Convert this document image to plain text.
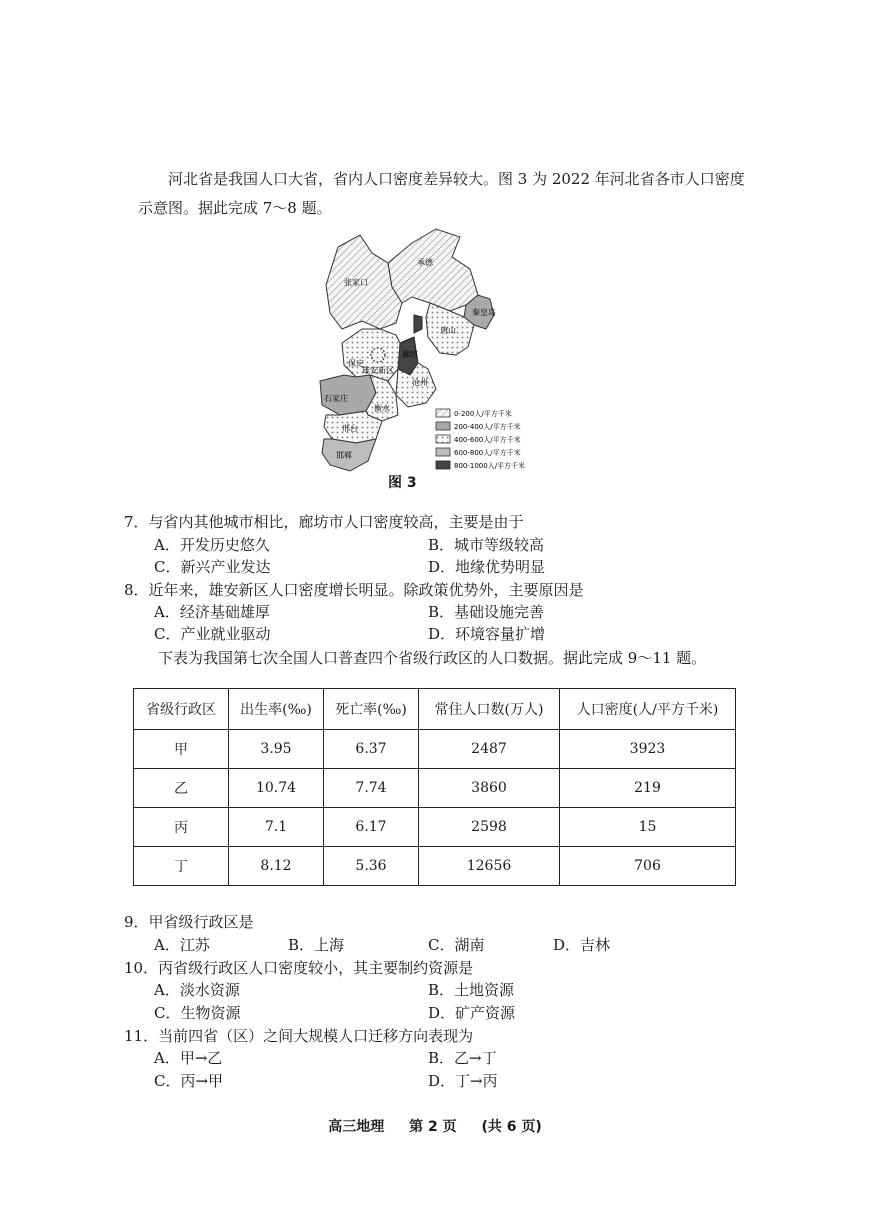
河北省是我国人口大省，省内人口密度差异较大。图 3 为 2022 年河北省各市人口密度示意图。据此完成 7～8 题。
承德
张家口
秦皇岛
唐山
廊坊
保定
雄安新区
沧州
石家庄
衡水
邢台
邯郸
0-200人/平方千米
200-400人/平方千米
400-600人/平方千米
600-800人/平方千米
800-1000人/平方千米
图 3
7．与省内其他城市相比，廊坊市人口密度较高，主要是由于
A．开发历史悠久	B．城市等级较高
C．新兴产业发达	D．地缘优势明显
8．近年来，雄安新区人口密度增长明显。除政策优势外，主要原因是
A．经济基础雄厚	B．基础设施完善
C．产业就业驱动	D．环境容量扩增
下表为我国第七次全国人口普查四个省级行政区的人口数据。据此完成 9～11 题。
省级行政区	出生率(‰)	死亡率(‰)	常住人口数(万人)	人口密度(人/平方千米)
甲	3.95	6.37	2487	3923
乙	10.74	7.74	3860	219
丙	7.1	6.17	2598	15
丁	8.12	5.36	12656	706
9．甲省级行政区是
A．江苏	B．上海	C．湖南	D．吉林
10．丙省级行政区人口密度较小，其主要制约资源是
A．淡水资源	B．土地资源
C．生物资源	D．矿产资源
11．当前四省（区）之间大规模人口迁移方向表现为
A．甲→乙	B．乙→丁
C．丙→甲	D．丁→丙
高三地理 第 2 页 (共 6 页)
